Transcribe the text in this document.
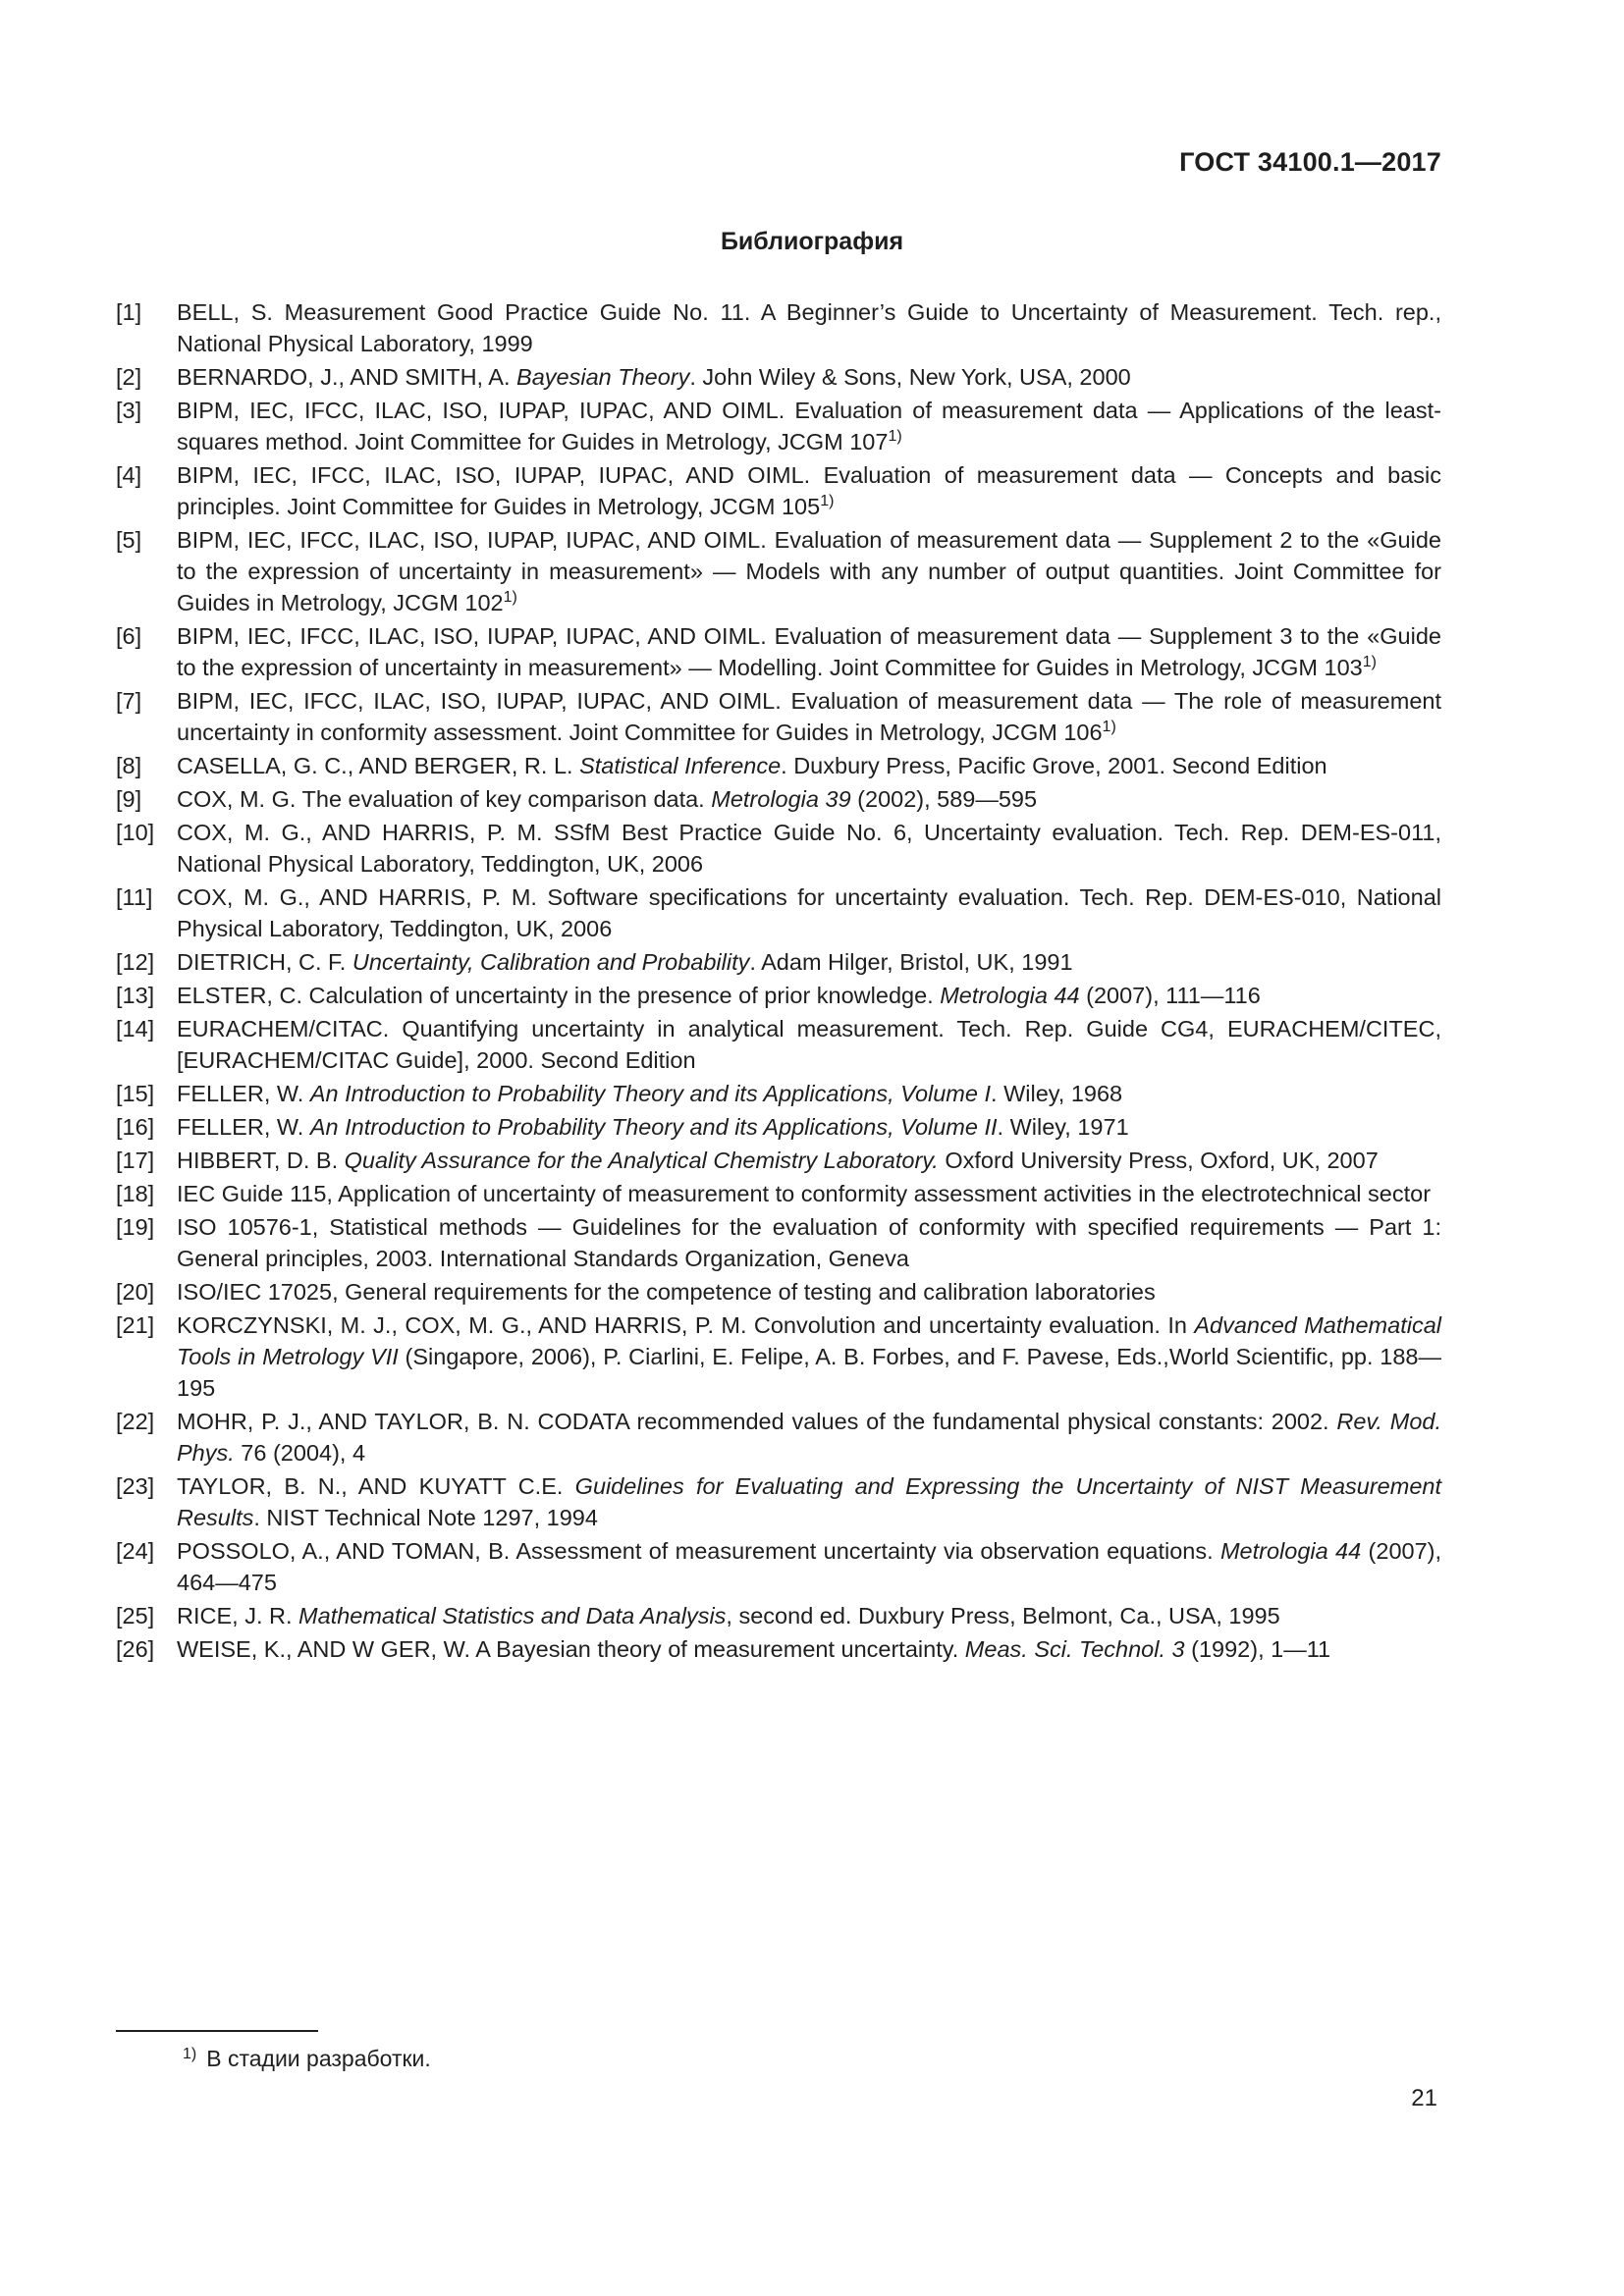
ГОСТ 34100.1—2017
Библиография
[1]	BELL, S. Measurement Good Practice Guide No. 11. A Beginner’s Guide to Uncertainty of Measurement. Tech. rep., National Physical Laboratory, 1999
[2]	BERNARDO, J., AND SMITH, A. Bayesian Theory. John Wiley & Sons, New York, USA, 2000
[3]	BIPM, IEC, IFCC, ILAC, ISO, IUPAP, IUPAC, AND OIML. Evaluation of measurement data — Applications of the least-squares method. Joint Committee for Guides in Metrology, JCGM 107$^{1)}$
[4]	BIPM, IEC, IFCC, ILAC, ISO, IUPAP, IUPAC, AND OIML. Evaluation of measurement data — Concepts and basic principles. Joint Committee for Guides in Metrology, JCGM 105$^{1)}$
[5]	BIPM, IEC, IFCC, ILAC, ISO, IUPAP, IUPAC, AND OIML. Evaluation of measurement data — Supplement 2 to the «Guide to the expression of uncertainty in measurement» — Models with any number of output quantities. Joint Committee for Guides in Metrology, JCGM 102$^{1)}$
[6]	BIPM, IEC, IFCC, ILAC, ISO, IUPAP, IUPAC, AND OIML. Evaluation of measurement data — Supplement 3 to the «Guide to the expression of uncertainty in measurement» — Modelling. Joint Committee for Guides in Metrology, JCGM 103$^{1)}$
[7]	BIPM, IEC, IFCC, ILAC, ISO, IUPAP, IUPAC, AND OIML. Evaluation of measurement data — The role of measurement uncertainty in conformity assessment. Joint Committee for Guides in Metrology, JCGM 106$^{1)}$
[8]	CASELLA, G. C., AND BERGER, R. L. Statistical Inference. Duxbury Press, Pacific Grove, 2001. Second Edition
[9]	COX, M. G. The evaluation of key comparison data. Metrologia 39 (2002), 589—595
[10] COX, M. G., AND HARRIS, P. M. SSfM Best Practice Guide No. 6, Uncertainty evaluation. Tech. Rep. DEM-ES-011, National Physical Laboratory, Teddington, UK, 2006
[11]	COX, M. G., AND HARRIS, P. M. Software specifications for uncertainty evaluation. Tech. Rep. DEM-ES-010, National Physical Laboratory, Teddington, UK, 2006
[12] DIETRICH, C. F. Uncertainty, Calibration and Probability. Adam Hilger, Bristol, UK, 1991
[13] ELSTER, C. Calculation of uncertainty in the presence of prior knowledge. Metrologia 44 (2007), 111—116
[14] EURACHEM/CITAC. Quantifying uncertainty in analytical measurement. Tech. Rep. Guide CG4, EURACHEM/CITEC, [EURACHEM/CITAC Guide], 2000. Second Edition
[15] FELLER, W. An Introduction to Probability Theory and its Applications, Volume I. Wiley, 1968
[16] FELLER, W. An Introduction to Probability Theory and its Applications, Volume II. Wiley, 1971
[17] HIBBERT, D. B. Quality Assurance for the Analytical Chemistry Laboratory. Oxford University Press, Oxford, UK, 2007
[18] IEC Guide 115, Application of uncertainty of measurement to conformity assessment activities in the electrotechnical sector
[19] ISO 10576-1, Statistical methods — Guidelines for the evaluation of conformity with specified requirements — Part 1: General principles, 2003. International Standards Organization, Geneva
[20] ISO/IEC 17025, General requirements for the competence of testing and calibration laboratories
[21] KORCZYNSKI, M. J., COX, M. G., AND HARRIS, P. M. Convolution and uncertainty evaluation. In Advanced Mathematical Tools in Metrology VII (Singapore, 2006), P. Ciarlini, E. Felipe, A. B. Forbes, and F. Pavese, Eds.,World Scientific, pp. 188—195
[22] MOHR, P. J., AND TAYLOR, B. N. CODATA recommended values of the fundamental physical constants: 2002. Rev. Mod. Phys. 76 (2004), 4
[23] TAYLOR, B. N., AND KUYATT C.E. Guidelines for Evaluating and Expressing the Uncertainty of NIST Measurement Results. NIST Technical Note 1297, 1994
[24] POSSOLO, A., AND TOMAN, B. Assessment of measurement uncertainty via observation equations. Metrologia 44 (2007), 464—475
[25] RICE, J. R. Mathematical Statistics and Data Analysis, second ed. Duxbury Press, Belmont, Ca., USA, 1995
[26] WEISE, K., AND W GER, W. A Bayesian theory of measurement uncertainty. Meas. Sci. Technol. 3 (1992), 1—11
$^{1)}$ В стадии разработки.
21
